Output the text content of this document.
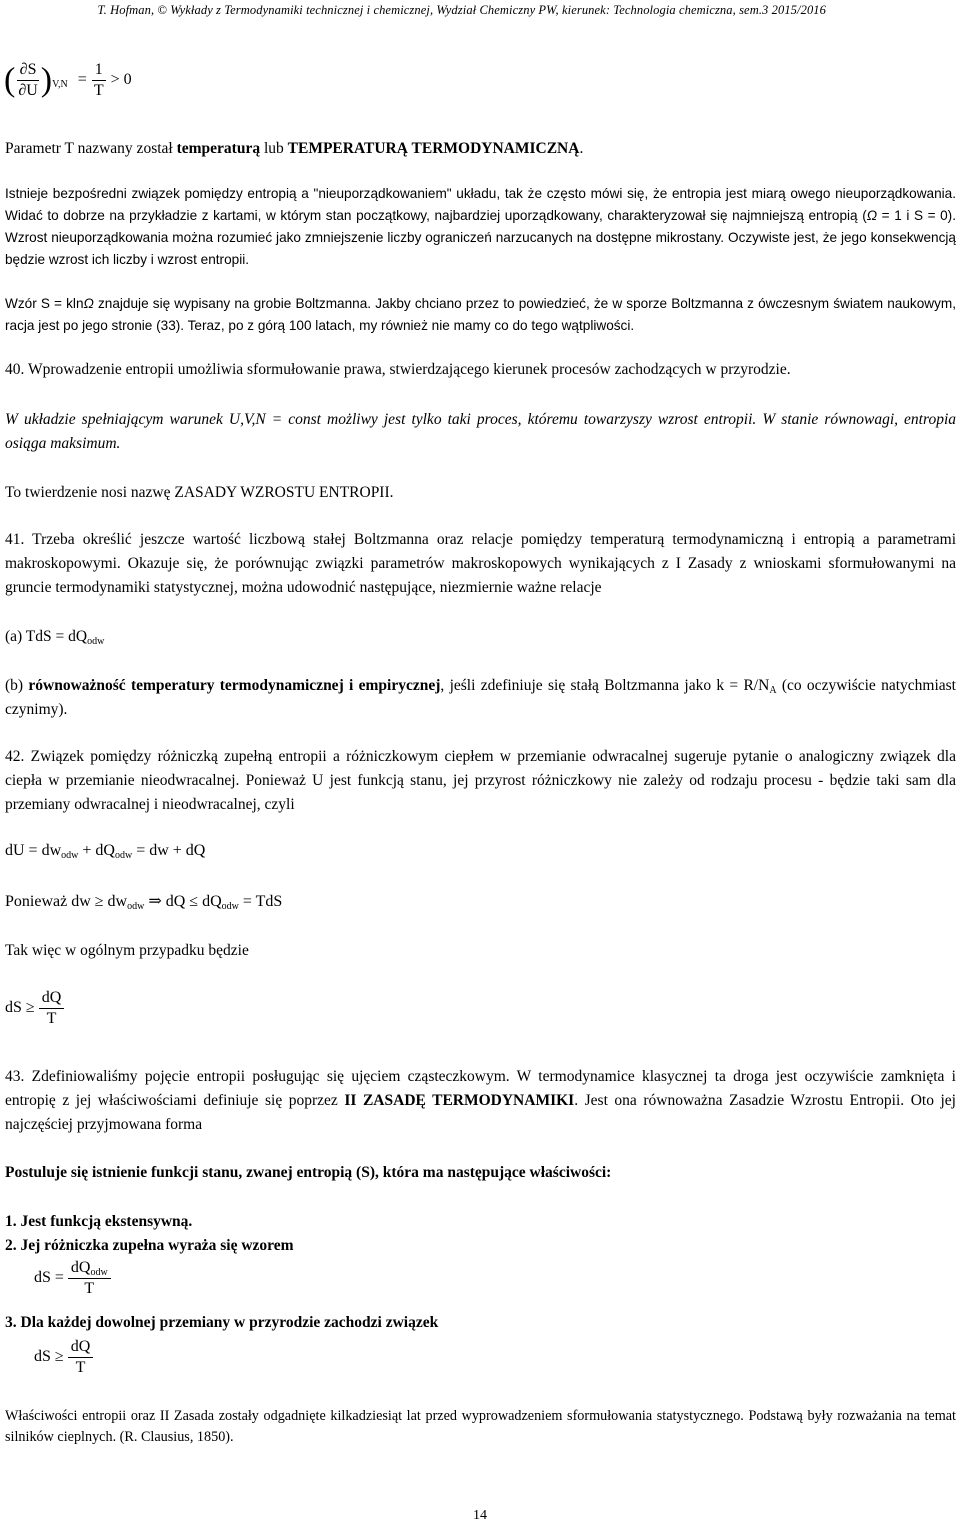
T. Hofman, © Wykłady z Termodynamiki technicznej i chemicznej, Wydział Chemiczny PW, kierunek: Technologia chemiczna, sem.3 2015/2016
( $\frac{\partial S}{\partial U} )_{V,N} = \frac{1}{T} > 0$
Parametr T nazwany został temperaturą lub TEMPERATURĄ TERMODYNAMICZNĄ.
Istnieje bezpośredni związek pomiędzy entropią a "nieuporządkowaniem" układu, tak że często mówi się, że entropia jest miarą owego nieuporządkowania. Widać to dobrze na przykładzie z kartami, w którym stan początkowy, najbardziej uporządkowany, charakteryzował się najmniejszą entropią (Ω = 1 i S = 0). Wzrost nieuporządkowania można rozumieć jako zmniejszenie liczby ograniczeń narzucanych na dostępne mikrostany. Oczywiste jest, że jego konsekwencją będzie wzrost ich liczby i wzrost entropii.
Wzór S = klnΩ znajduje się wypisany na grobie Boltzmanna. Jakby chciano przez to powiedzieć, że w sporze Boltzmanna z ówczesnym światem naukowym, racja jest po jego stronie (33). Teraz, po z górą 100 latach, my również nie mamy co do tego wątpliwości.
40. Wprowadzenie entropii umożliwia sformułowanie prawa, stwierdzającego kierunek procesów zachodzących w przyrodzie.
W układzie spełniającym warunek U,V,N = const możliwy jest tylko taki proces, któremu towarzyszy wzrost entropii. W stanie równowagi, entropia osiąga maksimum.
To twierdzenie nosi nazwę ZASADY WZROSTU ENTROPII.
41. Trzeba określić jeszcze wartość liczbową stałej Boltzmanna oraz relacje pomiędzy temperaturą termodynamiczną i entropią a parametrami makroskopowymi. Okazuje się, że porównując związki parametrów makroskopowych wynikających z I Zasady z wnioskami sformułowanymi na gruncie termodynamiki statystycznej, można udowodnić następujące, niezmiernie ważne relacje
(a) TdS = $dQ_{odw}$
(b) równoważność temperatury termodynamicznej i empirycznej, jeśli zdefiniuje się stałą Boltzmanna jako $k = R/N_A$ (co oczywiście natychmiast czynimy).
42. Związek pomiędzy różniczką zupełną entropii a różniczkowym ciepłem w przemianie odwracalnej sugeruje pytanie o analogiczny związek dla ciepła w przemianie nieodwracalnej. Ponieważ U jest funkcją stanu, jej przyrost różniczkowy nie zależy od rodzaju procesu - będzie taki sam dla przemiany odwracalnej i nieodwracalnej, czyli
dU = $dw_{odw} + dQ_{odw}$ = dw + dQ
Ponieważ dw ≥ $dw_{odw}$ ⇒ dQ ≤ $dQ_{odw}$ = TdS
Tak więc w ogólnym przypadku będzie
dS ≥ $\frac{dQ}{T}$
43. Zdefiniowaliśmy pojęcie entropii posługując się ujęciem cząsteczkowym. W termodynamice klasycznej ta droga jest oczywiście zamknięta i entropię z jej właściwościami definiuje się poprzez II ZASADĘ TERMODYNAMIKI. Jest ona równoważna Zasadzie Wzrostu Entropii. Oto jej najczęściej przyjmowana forma
Postuluje się istnienie funkcji stanu, zwanej entropią (S), która ma następujące właściwości:
1. Jest funkcją ekstensywną.
2. Jej różniczka zupełna wyraża się wzorem
dS = $\frac{dQ_{odw}}{T}$
3. Dla każdej dowolnej przemiany w przyrodzie zachodzi związek
dS ≥ $\frac{dQ}{T}$
Właściwości entropii oraz II Zasada zostały odgadnięte kilkadziesiąt lat przed wyprowadzeniem sformułowania statystycznego. Podstawą były rozważania na temat silników cieplnych. (R. Clausius, 1850).
14
